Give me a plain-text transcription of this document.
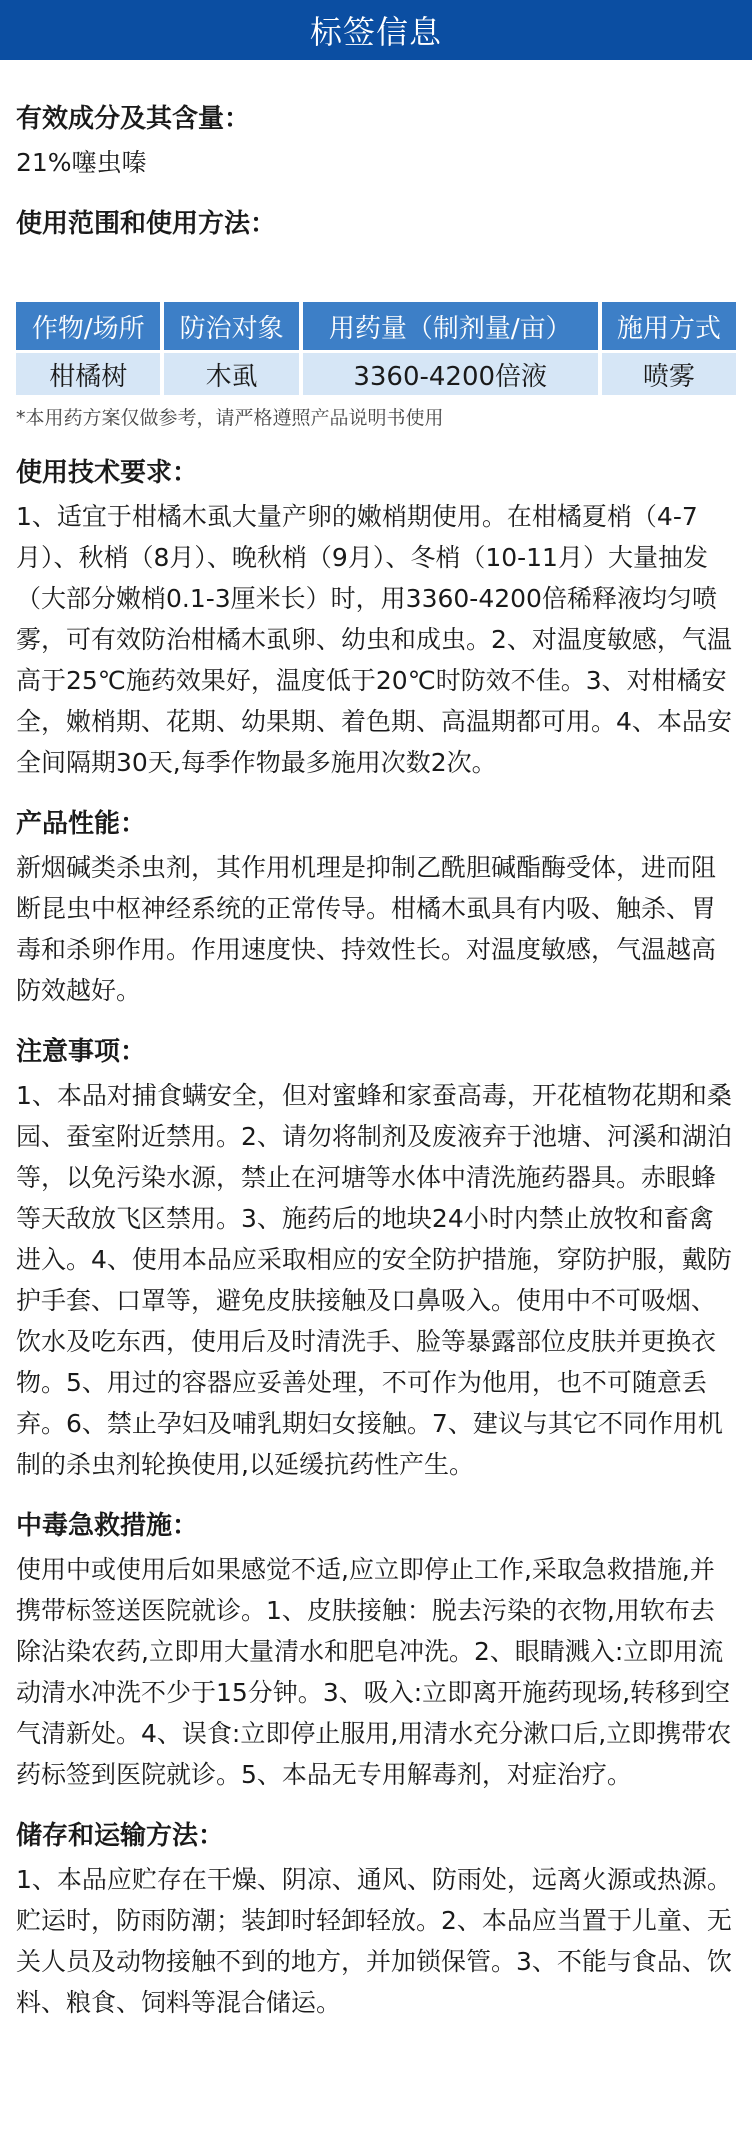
标签信息
有效成分及其含量：

21%噻虫嗪

使用范围和使用方法：
作物/场所	防治对象	用药量（制剂量/亩）	施用方式
柑橘树	木虱	3360-4200倍液	喷雾
*本用药方案仅做参考，请严格遵照产品说明书使用
使用技术要求：

1、适宜于柑橘木虱大量产卵的嫩梢期使用。在柑橘夏梢（4-7月）、秋梢（8月）、晚秋梢（9月）、冬梢（10-11月）大量抽发（大部分嫩梢0.1-3厘米长）时，用3360-4200倍稀释液均匀喷雾，可有效防治柑橘木虱卵、幼虫和成虫。2、对温度敏感，气温高于25℃施药效果好，温度低于20℃时防效不佳。3、对柑橘安全，嫩梢期、花期、幼果期、着色期、高温期都可用。4、本品安全间隔期30天,每季作物最多施用次数2次。

产品性能：

新烟碱类杀虫剂，其作用机理是抑制乙酰胆碱酯酶受体，进而阻断昆虫中枢神经系统的正常传导。柑橘木虱具有内吸、触杀、胃毒和杀卵作用。作用速度快、持效性长。对温度敏感，气温越高防效越好。

注意事项：

1、本品对捕食螨安全，但对蜜蜂和家蚕高毒，开花植物花期和桑园、蚕室附近禁用。2、请勿将制剂及废液弃于池塘、河溪和湖泊等，以免污染水源，禁止在河塘等水体中清洗施药器具。赤眼蜂等天敌放飞区禁用。3、施药后的地块24小时内禁止放牧和畜禽进入。4、使用本品应采取相应的安全防护措施，穿防护服，戴防护手套、口罩等，避免皮肤接触及口鼻吸入。使用中不可吸烟、饮水及吃东西，使用后及时清洗手、脸等暴露部位皮肤并更换衣物。5、用过的容器应妥善处理，不可作为他用，也不可随意丢弃。6、禁止孕妇及哺乳期妇女接触。7、建议与其它不同作用机制的杀虫剂轮换使用,以延缓抗药性产生。

中毒急救措施：

使用中或使用后如果感觉不适,应立即停止工作,采取急救措施,并携带标签送医院就诊。1、皮肤接触：脱去污染的衣物,用软布去除沾染农药,立即用大量清水和肥皂冲洗。2、眼睛溅入:立即用流动清水冲洗不少于15分钟。3、吸入:立即离开施药现场,转移到空气清新处。4、误食:立即停止服用,用清水充分漱口后,立即携带农药标签到医院就诊。5、本品无专用解毒剂，对症治疗。

储存和运输方法：

1、本品应贮存在干燥、阴凉、通风、防雨处，远离火源或热源。贮运时，防雨防潮；装卸时轻卸轻放。2、本品应当置于儿童、无关人员及动物接触不到的地方，并加锁保管。3、不能与食品、饮料、粮食、饲料等混合储运。
